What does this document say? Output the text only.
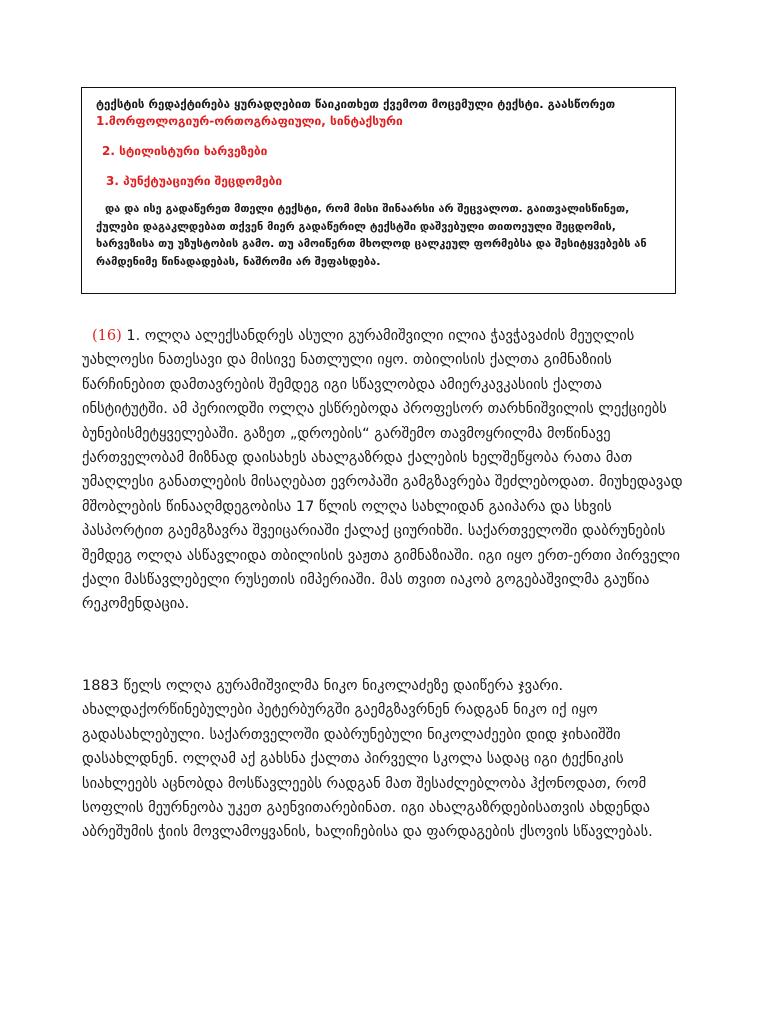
ტექსტის რედაქტირება ყურადღებით წაიკითხეთ ქვემოთ მოცემული ტექსტი. გაასწორეთ

1.მორფოლოგიურ-ორთოგრაფიული, სინტაქსური

2. სტილისტური ხარვეზები

3. პუნქტუაციური შეცდომები

და და ისე გადაწერეთ მთელი ტექსტი, რომ მისი შინაარსი არ შეცვალოთ. გაითვალისწინეთ, ქულები დაგაკლდებათ თქვენ მიერ გადაწერილ ტექსტში დაშვებული თითოეული შეცდომის, ხარვეზისა თუ უზუსტობის გამო. თუ ამოიწერთ მხოლოდ ცალკეულ ფორმებსა და შესიტყვებებს ან რამდენიმე წინადადებას, ნაშრომი არ შეფასდება.

(16) 1. ოლღა ალექსანდრეს ასული გურამიშვილი ილია ჭავჭავაძის მეუღლის უახლოესი ნათესავი და მისივე ნათლული იყო. თბილისის ქალთა გიმნაზიის წარჩინებით დამთავრების შემდეგ იგი სწავლობდა ამიერკავკასიის ქალთა ინსტიტუტში. ამ პერიოდში ოლღა ესწრებოდა პროფესორ თარხნიშვილის ლექციებს ბუნებისმეტყველებაში. გაზეთ „დროების“ გარშემო თავმოყრილმა მოწინავე ქართველობამ მიზნად დაისახეს ახალგაზრდა ქალების ხელშეწყობა რათა მათ უმაღლესი განათლების მისაღებათ ევროპაში გამგზავრება შეძლებოდათ. მიუხედავად მშობლების წინააღმდეგობისა 17 წლის ოლღა სახლიდან გაიპარა და სხვის პასპორტით გაემგზავრა შვეიცარიაში ქალაქ ციურიხში. საქართველოში დაბრუნების შემდეგ ოლღა ასწავლიდა თბილისის ვაჟთა გიმნაზიაში. იგი იყო ერთ-ერთი პირველი ქალი მასწავლებელი რუსეთის იმპერიაში. მას თვით იაკობ გოგებაშვილმა გაუწია რეკომენდაცია.

1883 წელს ოლღა გურამიშვილმა ნიკო ნიკოლაძეზე დაიწერა ჯვარი. ახალდაქორწინებულები პეტერბურგში გაემგზავრნენ რადგან ნიკო იქ იყო გადასახლებული. საქართველოში დაბრუნებული ნიკოლაძეები დიდ ჯიხაიშში დასახლდნენ. ოლღამ აქ გახსნა ქალთა პირველი სკოლა სადაც იგი ტექნიკის სიახლეებს აცნობდა მოსწავლეებს რადგან მათ შესაძლებლობა ჰქონოდათ, რომ სოფლის მეურნეობა უკეთ გაენვითარებინათ. იგი ახალგაზრდებისათვის ახდენდა აბრეშუმის ჭიის მოვლამოყვანის, ხალიჩებისა და ფარდაგების ქსოვის სწავლებას.
